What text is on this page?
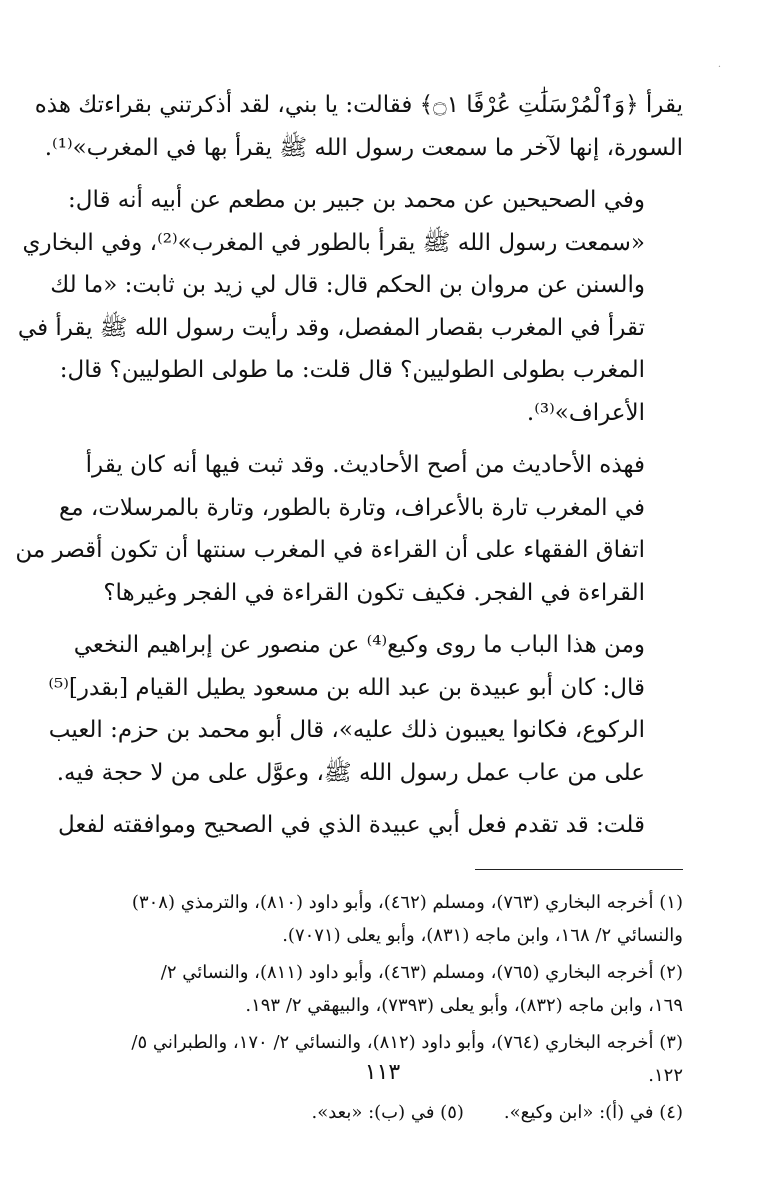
·

يقرأ ﴿وَٱلْمُرْسَلَٰتِ عُرْفًا ۝١﴾ فقالت: يا بني، لقد أذكرتني بقراءتك هذه
السورة، إنها لآخر ما سمعت رسول الله ﷺ يقرأ بها في المغرب»⁽¹⁾.

وفي الصحيحين عن محمد بن جبير بن مطعم عن أبيه أنه قال:
«سمعت رسول الله ﷺ يقرأ بالطور في المغرب»⁽²⁾، وفي البخاري
والسنن عن مروان بن الحكم قال: قال لي زيد بن ثابت: «ما لك
تقرأ في المغرب بقصار المفصل، وقد رأيت رسول الله ﷺ يقرأ في
المغرب بطولى الطوليين؟ قال قلت: ما طولى الطوليين؟ قال:
الأعراف»⁽³⁾.

فهذه الأحاديث من أصح الأحاديث. وقد ثبت فيها أنه كان يقرأ
في المغرب تارة بالأعراف، وتارة بالطور، وتارة بالمرسلات، مع
اتفاق الفقهاء على أن القراءة في المغرب سنتها أن تكون أقصر من
القراءة في الفجر. فكيف تكون القراءة في الفجر وغيرها؟

ومن هذا الباب ما روى وكيع⁽⁴⁾ عن منصور عن إبراهيم النخعي
قال: كان أبو عبيدة بن عبد الله بن مسعود يطيل القيام [بقدر]⁽⁵⁾
الركوع، فكانوا يعيبون ذلك عليه»، قال أبو محمد بن حزم: العيب
على من عاب عمل رسول الله ﷺ، وعوَّل على من لا حجة فيه.

قلت: قد تقدم فعل أبي عبيدة الذي في الصحيح وموافقته لفعل

(١) أخرجه البخاري (٧٦٣)، ومسلم (٤٦٢)، وأبو داود (٨١٠)، والترمذي (٣٠٨)
والنسائي ٢/ ١٦٨، وابن ماجه (٨٣١)، وأبو يعلى (٧٠٧١).
(٢) أخرجه البخاري (٧٦٥)، ومسلم (٤٦٣)، وأبو داود (٨١١)، والنسائي ٢/
١٦٩، وابن ماجه (٨٣٢)، وأبو يعلى (٧٣٩٣)، والبيهقي ٢/ ١٩٣.
(٣) أخرجه البخاري (٧٦٤)، وأبو داود (٨١٢)، والنسائي ٢/ ١٧٠، والطبراني ٥/
١٢٢.
(٤) في (أ): «ابن وكيع».
(٥) في (ب): «بعد».
١١٣
